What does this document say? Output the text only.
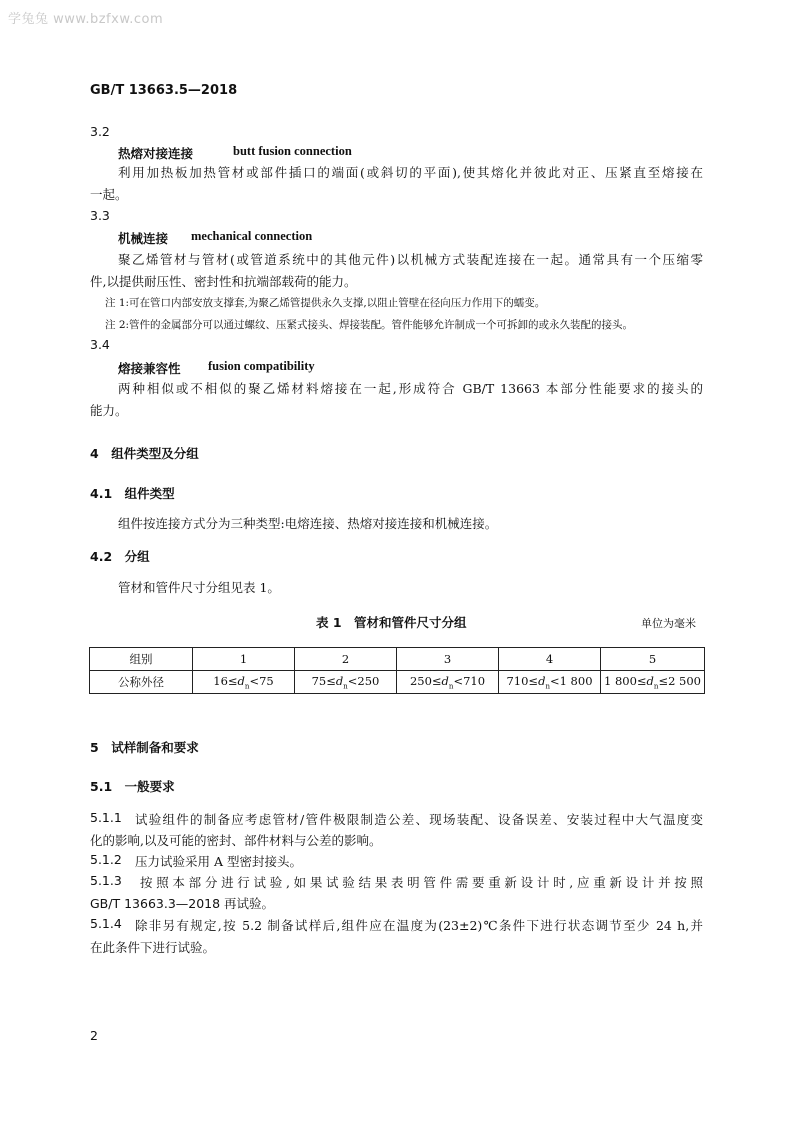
学兔兔 www.bzfxw.com
GB/T 13663.5—2018
3.2
热熔对接连接	butt fusion connection
利用加热板加热管材或部件插口的端面(或斜切的平面),使其熔化并彼此对正、压紧直至熔接在
一起。
3.3
机械连接 mechanical connection
聚乙烯管材与管材(或管道系统中的其他元件)以机械方式装配连接在一起。通常具有一个压缩零
件,以提供耐压性、密封性和抗端部载荷的能力。
注 1:可在管口内部安放支撑套,为聚乙烯管提供永久支撑,以阻止管壁在径向压力作用下的蠕变。
注 2:管件的金属部分可以通过螺纹、压紧式接头、焊接装配。管件能够允许制成一个可拆卸的或永久装配的接头。
3.4
熔接兼容性 fusion compatibility
两种相似或不相似的聚乙烯材料熔接在一起,形成符合 GB/T 13663 本部分性能要求的接头的
能力。
4　组件类型及分组
4.1　组件类型
组件按连接方式分为三种类型:电熔连接、热熔对接连接和机械连接。
4.2　分组
管材和管件尺寸分组见表 1。
表 1　管材和管件尺寸分组	单位为毫米
组别	1	2	3	4	5
公称外径	$16\le d_n<75$	$75\le d_n<250$	$250\le d_n<710$	$710\le d_n<1$ 800	1 $800\le d_n\le 2$ 500
5　试样制备和要求
5.1　一般要求
5.1.1 试验组件的制备应考虑管材/管件极限制造公差、现场装配、设备误差、安装过程中大气温度变
化的影响,以及可能的密封、部件材料与公差的影响。
5.1.2 压力试验采用 A 型密封接头。
5.1.3 按照本部分进行试验,如果试验结果表明管件需要重新设计时,应重新设计并按照
GB/T 13663.3—2018 再试验。
5.1.4 除非另有规定,按 5.2 制备试样后,组件应在温度为(23±2)℃条件下进行状态调节至少 24 h,并
在此条件下进行试验。
2
